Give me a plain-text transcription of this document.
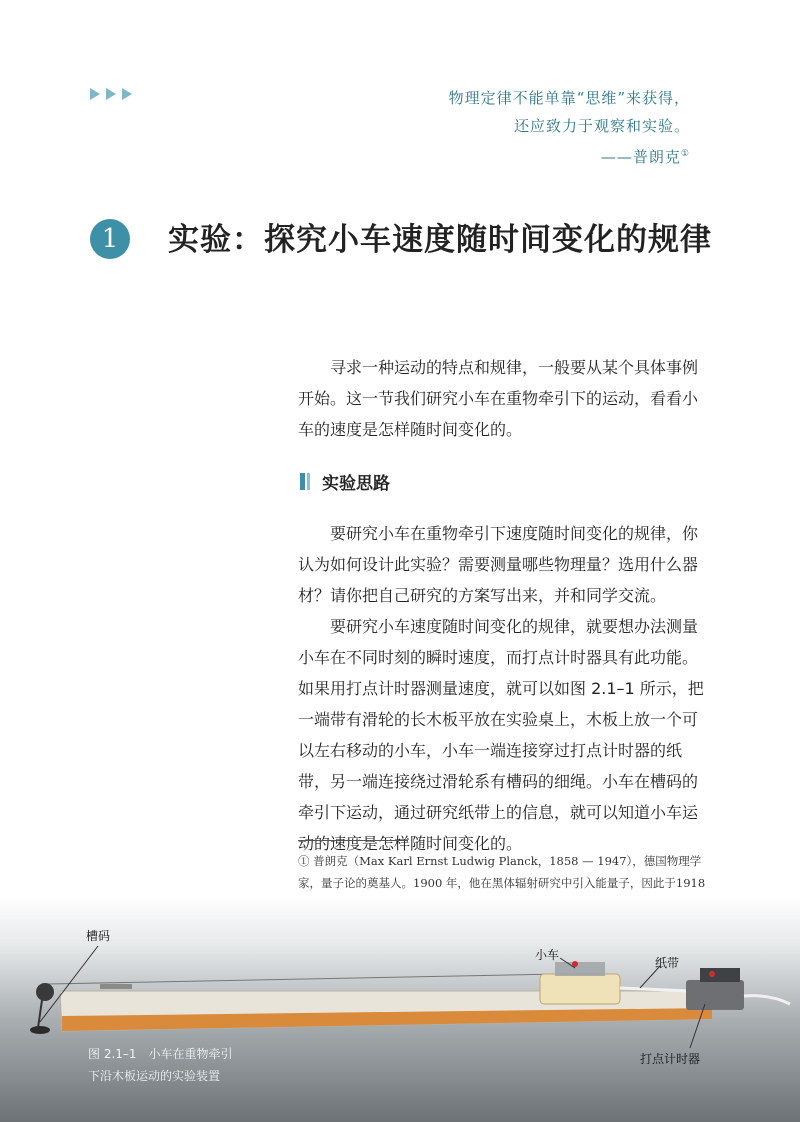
物理定律不能单靠“思维”来获得，
还应致力于观察和实验。
——普朗克①
1	实验：探究小车速度随时间变化的规律

寻求一种运动的特点和规律，一般要从某个具体事例开始。这一节我们研究小车在重物牵引下的运动，看看小车的速度是怎样随时间变化的。

实验思路

要研究小车在重物牵引下速度随时间变化的规律，你认为如何设计此实验？需要测量哪些物理量？选用什么器材？请你把自己研究的方案写出来，并和同学交流。

要研究小车速度随时间变化的规律，就要想办法测量小车在不同时刻的瞬时速度，而打点计时器具有此功能。如果用打点计时器测量速度，就可以如图 2.1–1 所示，把一端带有滑轮的长木板平放在实验桌上，木板上放一个可以左右移动的小车，小车一端连接穿过打点计时器的纸带，另一端连接绕过滑轮系有槽码的细绳。小车在槽码的牵引下运动，通过研究纸带上的信息，就可以知道小车运动的速度是怎样随时间变化的。

① 普朗克（Max Karl Ernst Ludwig Planck，1858 — 1947），德国物理学家，量子论的奠基人。1900 年，他在黑体辐射研究中引入能量子，因此于1918
槽码
小车
纸带
打点计时器
图 2.1–1　小车在重物牵引
下沿木板运动的实验装置
